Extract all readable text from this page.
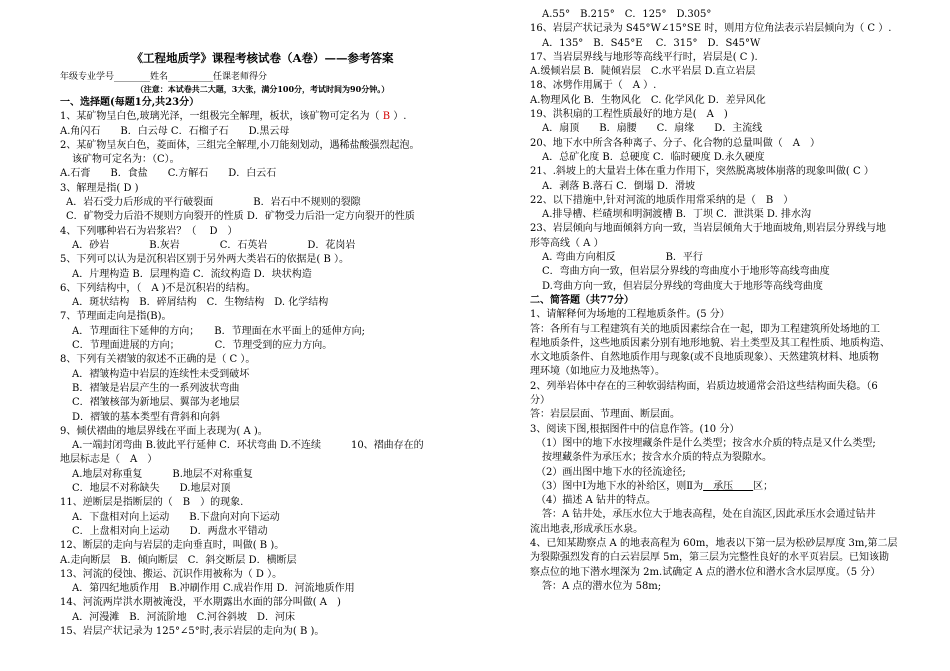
《工程地质学》课程考核试卷（A卷）——参考答案
年级专业学号________姓名__________任课老师得分
（注意：本试卷共二大题，3大张，满分100分，考试时间为90分钟。）
一、选择题(每题1分,共23分）
1、某矿物呈白色,玻璃光泽，一组极完全解理，板状，该矿物可定名为（ B ）.
A.角闪石　　B．白云母 C．石榴子石　　D.黑云母
2、某矿物呈灰白色，菱面体，三组完全解理,小刀能刻划动，遇稀盐酸强烈起泡。
该矿物可定名为：（C）。
A.石膏　　B．食盐　　C.方解石　　D．白云石
3、解理是指( D )
A．岩石受力后形成的平行破裂面　　　　B．岩石中不规则的裂隙
C．矿物受力后沿不规则方向裂开的性质 D．矿物受力后沿一定方向裂开的性质
4、下列哪种岩石为岩浆岩？（　 D　）
A．砂岩　　　　B.灰岩　　　　C．石英岩　　　　D．花岗岩
5、下列可以认为是沉积岩区别于另外两大类岩石的依据是( B ）。
A．片理构造 B．层理构造 C．流纹构造 D．块状构造
6、下列结构中，（　A )不是沉积岩的结构。
A．斑状结构　B．碎屑结构　C．生物结构　D. 化学结构
7、节理面走向是指(B)。
A．节理面往下延伸的方向；　　B．节理面在水平面上的延伸方向;
C．节理面进展的方向；　　　　C．节理受到的应力方向。
8、下列有关褶皱的叙述不正确的是（ C ）。
A．褶皱构造中岩层的连续性未受到破坏
B．褶皱是岩层产生的一系列波状弯曲
C．褶皱核部为新地层、翼部为老地层
D．褶皱的基本类型有背斜和向斜
9、倾伏褶曲的地层界线在平面上表现为( A )。
A.一端封闭弯曲 B.彼此平行延伸 C．环状弯曲 D.不连续　　　10、褶曲存在的
地层标志是（　A　）
A.地层对称重复　　　B.地层不对称重复
C．地层不对称缺失　　D.地层对顶
11、逆断层是指断层的（　B　）的现象.
A．下盘相对向上运动　　B.下盘向对向下运动
C．上盘相对向上运动　　D．两盘水平错动
12、断层的走向与岩层的走向垂直时，叫做( B )。
A.走向断层　B．倾向断层　C．斜交断层 D．横断层
13、河流的侵蚀、搬运、沉识作用被称为（ D ）。
A．第四纪地质作用　B.冲刷作用 C.成岩作用 D．河流地质作用
14、河流两岸洪水期被淹没，平水期露出水面的部分叫做( A　)
A．河漫滩　B．河流阶地　C.河谷斜坡　D．河床
15、岩层产状记录为 125°∠5°时,表示岩层的走向为( B )。
A.55°　B.215°　C．125°　D.305°
16、岩层产状记录为 S45°W∠15°SE 时，则用方位角法表示岩层倾向为（ C ）.
A．135°　B．S45°E　 C．315°　D．S45°W
17、当岩层界线与地形等高线平行时，岩层是( C ).
A.缓倾岩层 B．陡倾岩层　C.水平岩层 D.直立岩层
18、冰劈作用属于（　A ）.
A.物理风化 B．生物风化　C. 化学风化 D．差异风化
19、洪积扇的工程性质最好的地方是(　A　)
A．扇顶　　B．扇腰　　C．扇缘　　D．主流线
20、地下水中所含各种离子、分子、化合物的总量叫做（　A　）
A．总矿化度 B．总硬度 C．临时硬度 D.永久硬度
21、.斜坡上的大量岩土体在重力作用下，突然脱离坡体崩落的现象叫做( C ）
A．剥落 B.落石 C．倒塌 D．滑坡
22、以下措施中,针对河流的地质作用常采纳的是（　B　）
A.排导槽、栏碴坝和明洞渡槽 B．丁坝 C．泄洪渠 D. 排水沟
23、岩层倾向与地面倾斜方向一致，当岩层倾角大于地面坡角,则岩层分界线与地
形等高线（ A ）
A. 弯曲方向相反　　　　　B．平行
C．弯曲方向一致，但岩层分界线的弯曲度小于地形等高线弯曲度
D.弯曲方向一致，但岩层分界线的弯曲度大于地形等高线弯曲度
二、简答题（共77分）
1、请解释何为场地的工程地质条件。(5 分）
答：各所有与工程建筑有关的地质因素综合在一起，即为工程建筑所处场地的工
程地质条件，这些地质因素分别有地形地貌、岩土类型及其工程性质、地质构造、
水文地质条件、自然地质作用与现象(或不良地质现象）、天然建筑材料、地质物
理环境（如地应力及地热等）。
2、列举岩体中存在的三种软弱结构面，岩质边坡通常会沿这些结构面失稳。（6
分）
答：岩层层面、节理面、断层面。
3、阅读下图,根据图件中的信息作答。(10 分）
（1）图中的地下水按埋藏条件是什么类型；按含水介质的特点是又什么类型;
按埋藏条件为承压水；按含水介质的特点为裂隙水。
（2）画出图中地下水的径流途径;
（3）图中Ⅰ为地下水的补给区，则Ⅱ为　承压　　区；
（4）描述 A 钻井的特点。
答：A 钻井处，承压水位大于地表高程，处在自流区,因此承压水会通过钻井
流出地表,形成承压水泉。
4、已知某勘察点 A 的地表高程为 60m，地表以下第一层为松砂层厚度 3m,第二层
为裂隙强烈发育的白云岩层厚 5m，第三层为完整性良好的水平页岩层。已知该勘
察点位的地下潜水埋深为 2m.试确定 A 点的潜水位和潜水含水层厚度。（5 分）
答：A 点的潜水位为 58m;
